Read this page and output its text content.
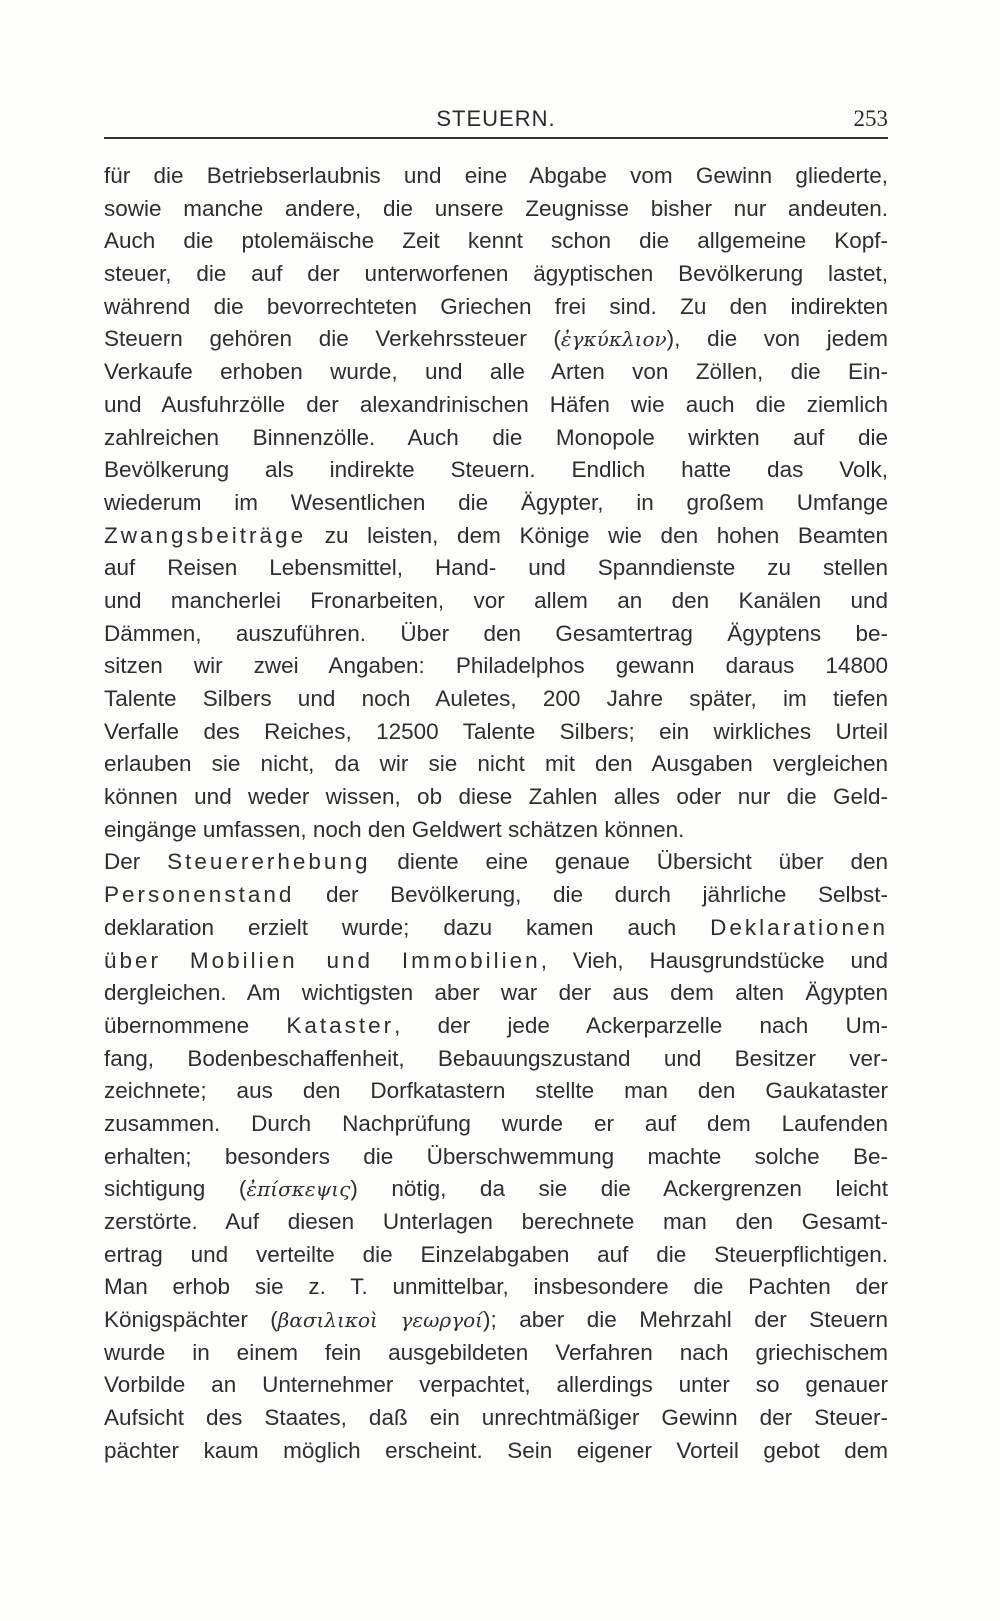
STEUERN.	253
für die Betriebserlaubnis und eine Abgabe vom Gewinn gliederte,
sowie manche andere, die unsere Zeugnisse bisher nur andeuten.
Auch die ptolemäische Zeit kennt schon die allgemeine Kopf-
steuer, die auf der unterworfenen ägyptischen Bevölkerung lastet,
während die bevorrechteten Griechen frei sind. Zu den indirekten
Steuern gehören die Verkehrssteuer (ἐγκύκλιον), die von jedem
Verkaufe erhoben wurde, und alle Arten von Zöllen, die Ein-
und Ausfuhrzölle der alexandrinischen Häfen wie auch die ziemlich
zahlreichen Binnenzölle. Auch die Monopole wirkten auf die
Bevölkerung als indirekte Steuern. Endlich hatte das Volk,
wiederum im Wesentlichen die Ägypter, in großem Umfange
Zwangsbeiträge zu leisten, dem Könige wie den hohen Beamten
auf Reisen Lebensmittel, Hand- und Spanndienste zu stellen
und mancherlei Fronarbeiten, vor allem an den Kanälen und
Dämmen, auszuführen. Über den Gesamtertrag Ägyptens be-
sitzen wir zwei Angaben: Philadelphos gewann daraus 14800
Talente Silbers und noch Auletes, 200 Jahre später, im tiefen
Verfalle des Reiches, 12500 Talente Silbers; ein wirkliches Urteil
erlauben sie nicht, da wir sie nicht mit den Ausgaben vergleichen
können und weder wissen, ob diese Zahlen alles oder nur die Geld-
eingänge umfassen, noch den Geldwert schätzen können.
Der Steuererhebung diente eine genaue Übersicht über den
Personenstand der Bevölkerung, die durch jährliche Selbst-
deklaration erzielt wurde; dazu kamen auch Deklarationen
über Mobilien und Immobilien, Vieh, Hausgrundstücke und
dergleichen. Am wichtigsten aber war der aus dem alten Ägypten
übernommene Kataster, der jede Ackerparzelle nach Um-
fang, Bodenbeschaffenheit, Bebauungszustand und Besitzer ver-
zeichnete; aus den Dorfkatastern stellte man den Gaukataster
zusammen. Durch Nachprüfung wurde er auf dem Laufenden
erhalten; besonders die Überschwemmung machte solche Be-
sichtigung (ἐπίσκεψις) nötig, da sie die Ackergrenzen leicht
zerstörte. Auf diesen Unterlagen berechnete man den Gesamt-
ertrag und verteilte die Einzelabgaben auf die Steuerpflichtigen.
Man erhob sie z. T. unmittelbar, insbesondere die Pachten der
Königspächter (βασιλικοὶ γεωργοί); aber die Mehrzahl der Steuern
wurde in einem fein ausgebildeten Verfahren nach griechischem
Vorbilde an Unternehmer verpachtet, allerdings unter so genauer
Aufsicht des Staates, daß ein unrechtmäßiger Gewinn der Steuer-
pächter kaum möglich erscheint. Sein eigener Vorteil gebot dem
